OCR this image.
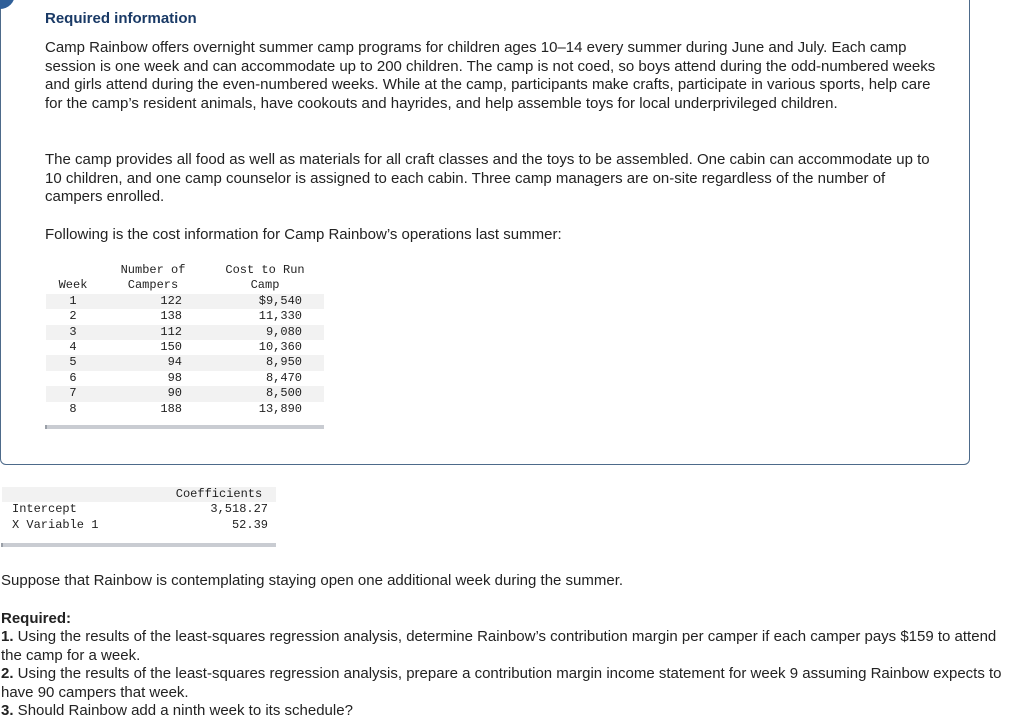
Required information

Camp Rainbow offers overnight summer camp programs for children ages 10–14 every summer during June and July. Each camp session is one week and can accommodate up to 200 children. The camp is not coed, so boys attend during the odd-numbered weeks and girls attend during the even-numbered weeks. While at the camp, participants make crafts, participate in various sports, help care for the camp’s resident animals, have cookouts and hayrides, and help assemble toys for local underprivileged children.

The camp provides all food as well as materials for all craft classes and the toys to be assembled. One cabin can accommodate up to 10 children, and one camp counselor is assigned to each cabin. Three camp managers are on-site regardless of the number of campers enrolled.

Following is the cost information for Camp Rainbow’s operations last summer:

	Number of	Cost to Run
Week	Campers	Camp
1	122	$9,540
2	138	11,330
3	112	9,080
4	150	10,360
5	94	8,950
6	98	8,470
7	90	8,500
8	188	13,890

	Coefficients
Intercept	3,518.27
X Variable 1	52.39

Suppose that Rainbow is contemplating staying open one additional week during the summer.

Required:

1. Using the results of the least-squares regression analysis, determine Rainbow’s contribution margin per camper if each camper pays $159 to attend the camp for a week.

2. Using the results of the least-squares regression analysis, prepare a contribution margin income statement for week 9 assuming Rainbow expects to have 90 campers that week.

3. Should Rainbow add a ninth week to its schedule?
